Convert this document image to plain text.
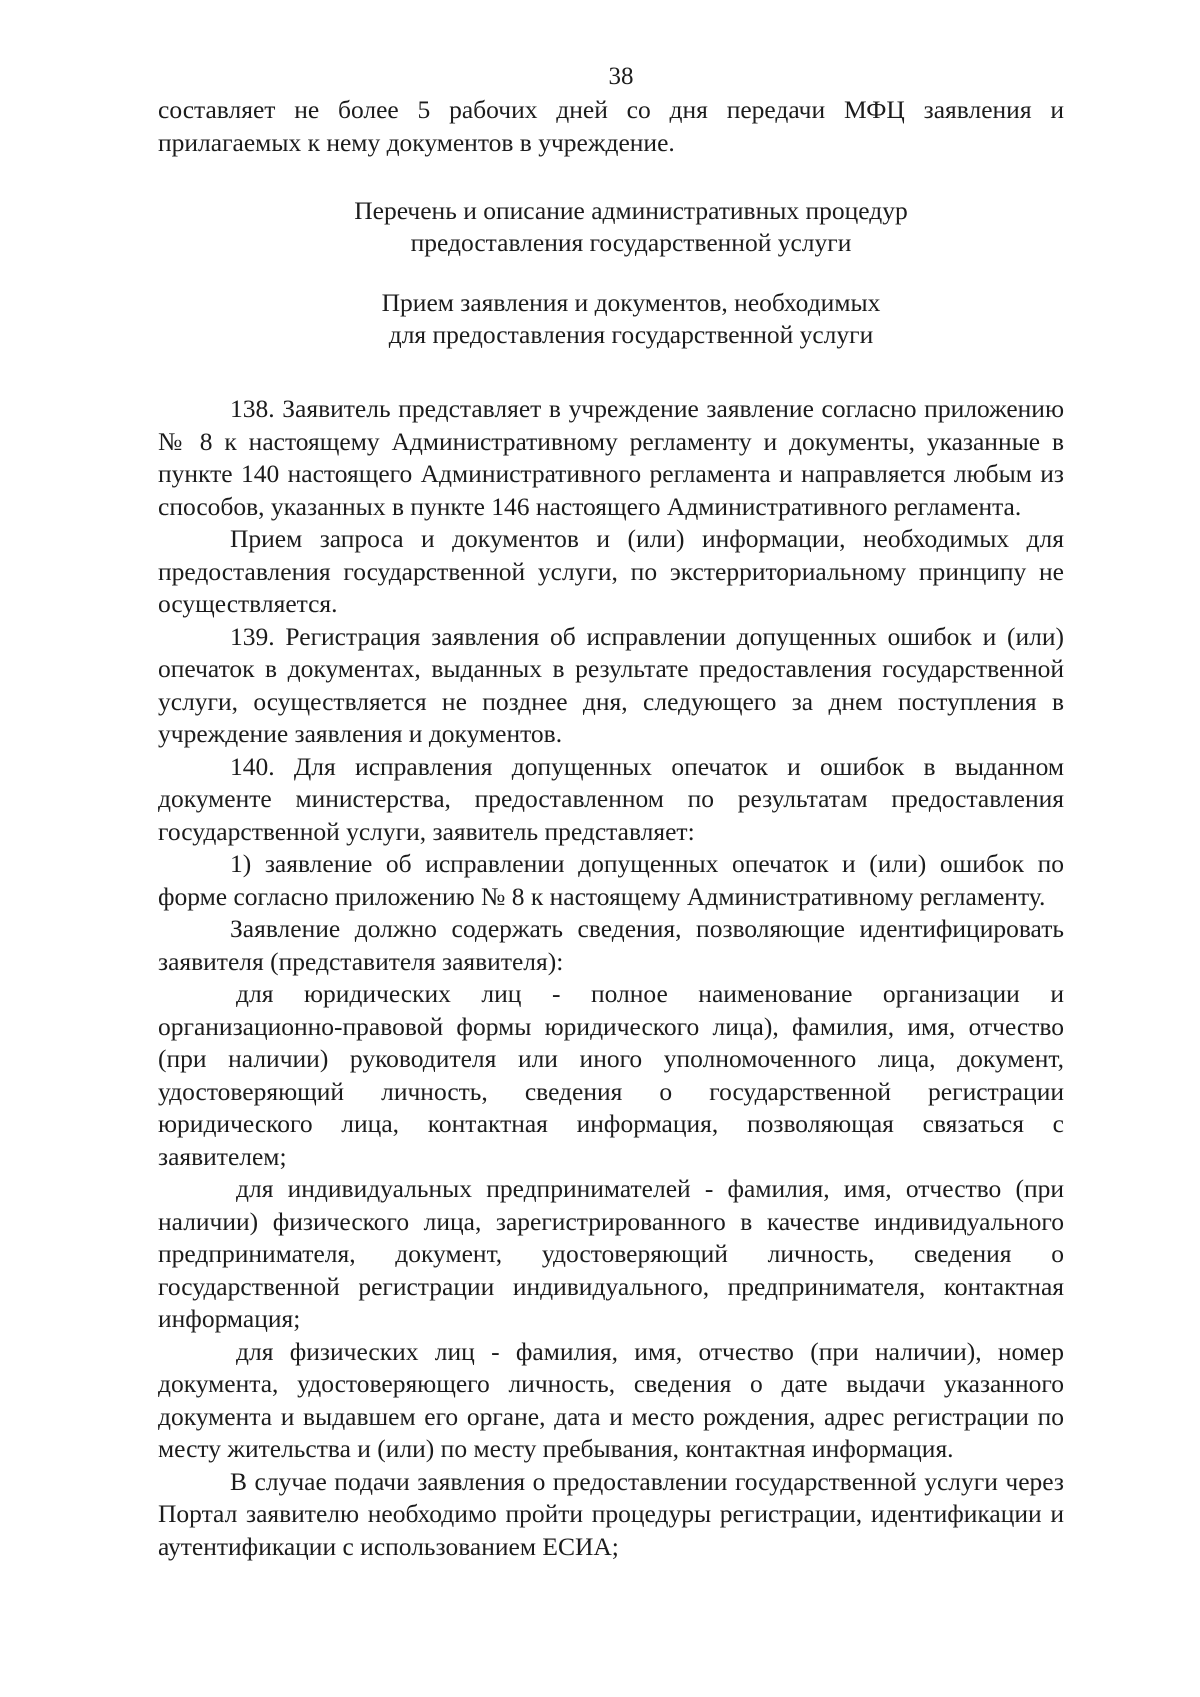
38

составляет не более 5 рабочих дней со дня передачи МФЦ заявления и прилагаемых к нему документов в учреждение.

Перечень и описание административных процедур
предоставления государственной услуги
Прием заявления и документов, необходимых
для предоставления государственной услуги

138. Заявитель представляет в учреждение заявление согласно приложению № 8 к настоящему Административному регламенту и документы, указанные в пункте 140 настоящего Административного регламента и направляется любым из способов, указанных в пункте 146 настоящего Административного регламента.

Прием запроса и документов и (или) информации, необходимых для предоставления государственной услуги, по экстерриториальному принципу не осуществляется.

139. Регистрация заявления об исправлении допущенных ошибок и (или) опечаток в документах, выданных в результате предоставления государственной услуги, осуществляется не позднее дня, следующего за днем поступления в учреждение заявления и документов.

140. Для исправления допущенных опечаток и ошибок в выданном документе министерства, предоставленном по результатам предоставления государственной услуги, заявитель представляет:

1) заявление об исправлении допущенных опечаток и (или) ошибок по форме согласно приложению № 8 к настоящему Административному регламенту.

Заявление должно содержать сведения, позволяющие идентифицировать заявителя (представителя заявителя):

для юридических лиц - полное наименование организации и организационно-правовой формы юридического лица), фамилия, имя, отчество (при наличии) руководителя или иного уполномоченного лица, документ, удостоверяющий личность, сведения о государственной регистрации юридического лица, контактная информация, позволяющая связаться с заявителем;

для индивидуальных предпринимателей - фамилия, имя, отчество (при наличии) физического лица, зарегистрированного в качестве индивидуального предпринимателя, документ, удостоверяющий личность, сведения о государственной регистрации индивидуального, предпринимателя, контактная информация;

для физических лиц - фамилия, имя, отчество (при наличии), номер документа, удостоверяющего личность, сведения о дате выдачи указанного документа и выдавшем его органе, дата и место рождения, адрес регистрации по месту жительства и (или) по месту пребывания, контактная информация.

В случае подачи заявления о предоставлении государственной услуги через Портал заявителю необходимо пройти процедуры регистрации, идентификации и аутентификации с использованием ЕСИА;
